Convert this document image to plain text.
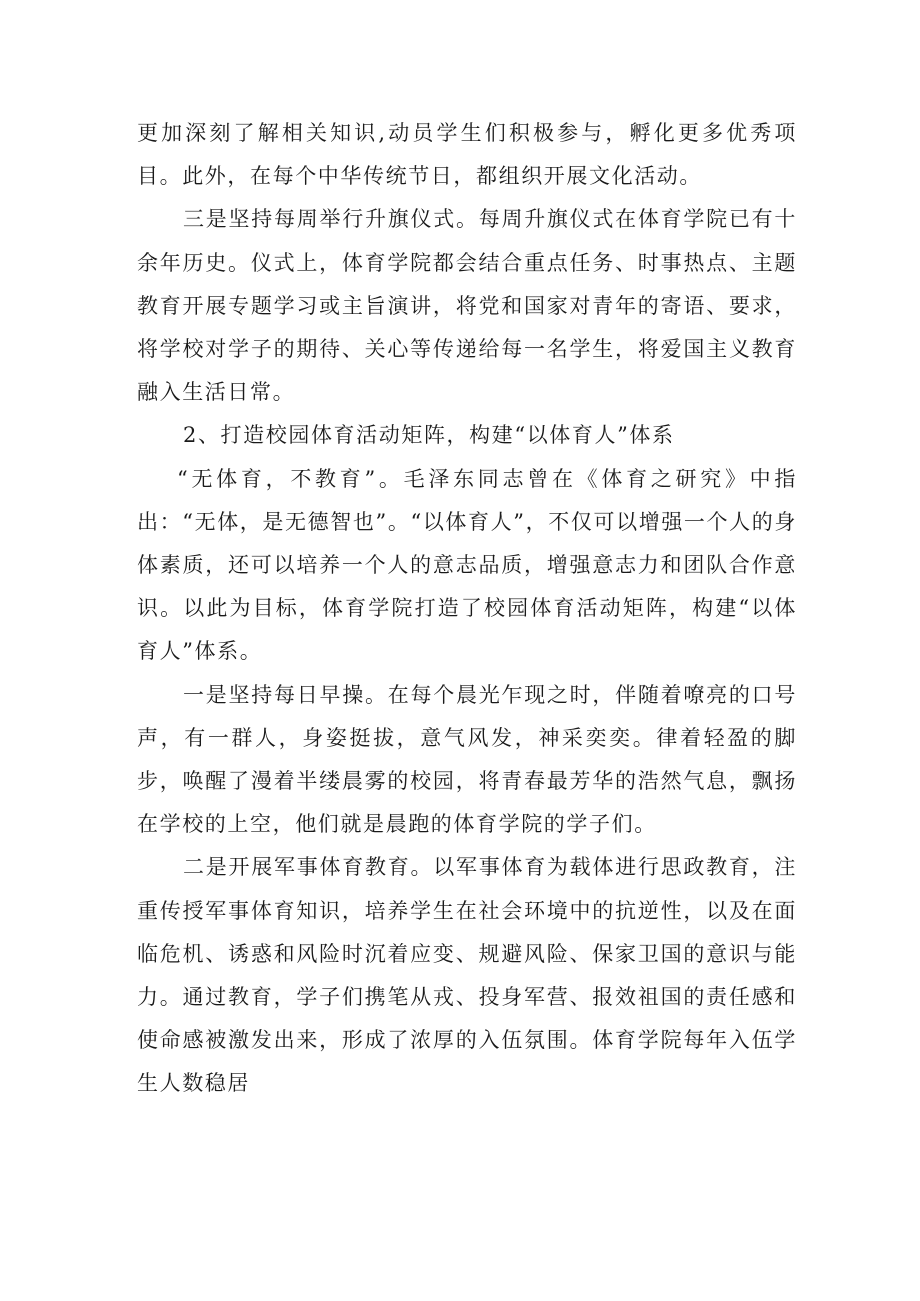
更加深刻了解相关知识,动员学生们积极参与，孵化更多优秀项目。此外，在每个中华传统节日，都组织开展文化活动。

三是坚持每周举行升旗仪式。每周升旗仪式在体育学院已有十余年历史。仪式上，体育学院都会结合重点任务、时事热点、主题教育开展专题学习或主旨演讲，将党和国家对青年的寄语、要求，将学校对学子的期待、关心等传递给每一名学生，将爱国主义教育融入生活日常。

2、打造校园体育活动矩阵，构建“以体育人”体系

“无体育，不教育”。毛泽东同志曾在《体育之研究》中指出：“无体，是无德智也”。“以体育人”，不仅可以增强一个人的身体素质，还可以培养一个人的意志品质，增强意志力和团队合作意识。以此为目标，体育学院打造了校园体育活动矩阵，构建“以体育人”体系。

一是坚持每日早操。在每个晨光乍现之时，伴随着嘹亮的口号声，有一群人，身姿挺拔，意气风发，神采奕奕。律着轻盈的脚步，唤醒了漫着半缕晨雾的校园，将青春最芳华的浩然气息，飘扬在学校的上空，他们就是晨跑的体育学院的学子们。

二是开展军事体育教育。以军事体育为载体进行思政教育，注重传授军事体育知识，培养学生在社会环境中的抗逆性，以及在面临危机、诱惑和风险时沉着应变、规避风险、保家卫国的意识与能力。通过教育，学子们携笔从戎、投身军营、报效祖国的责任感和使命感被激发出来，形成了浓厚的入伍氛围。体育学院每年入伍学生人数稳居
